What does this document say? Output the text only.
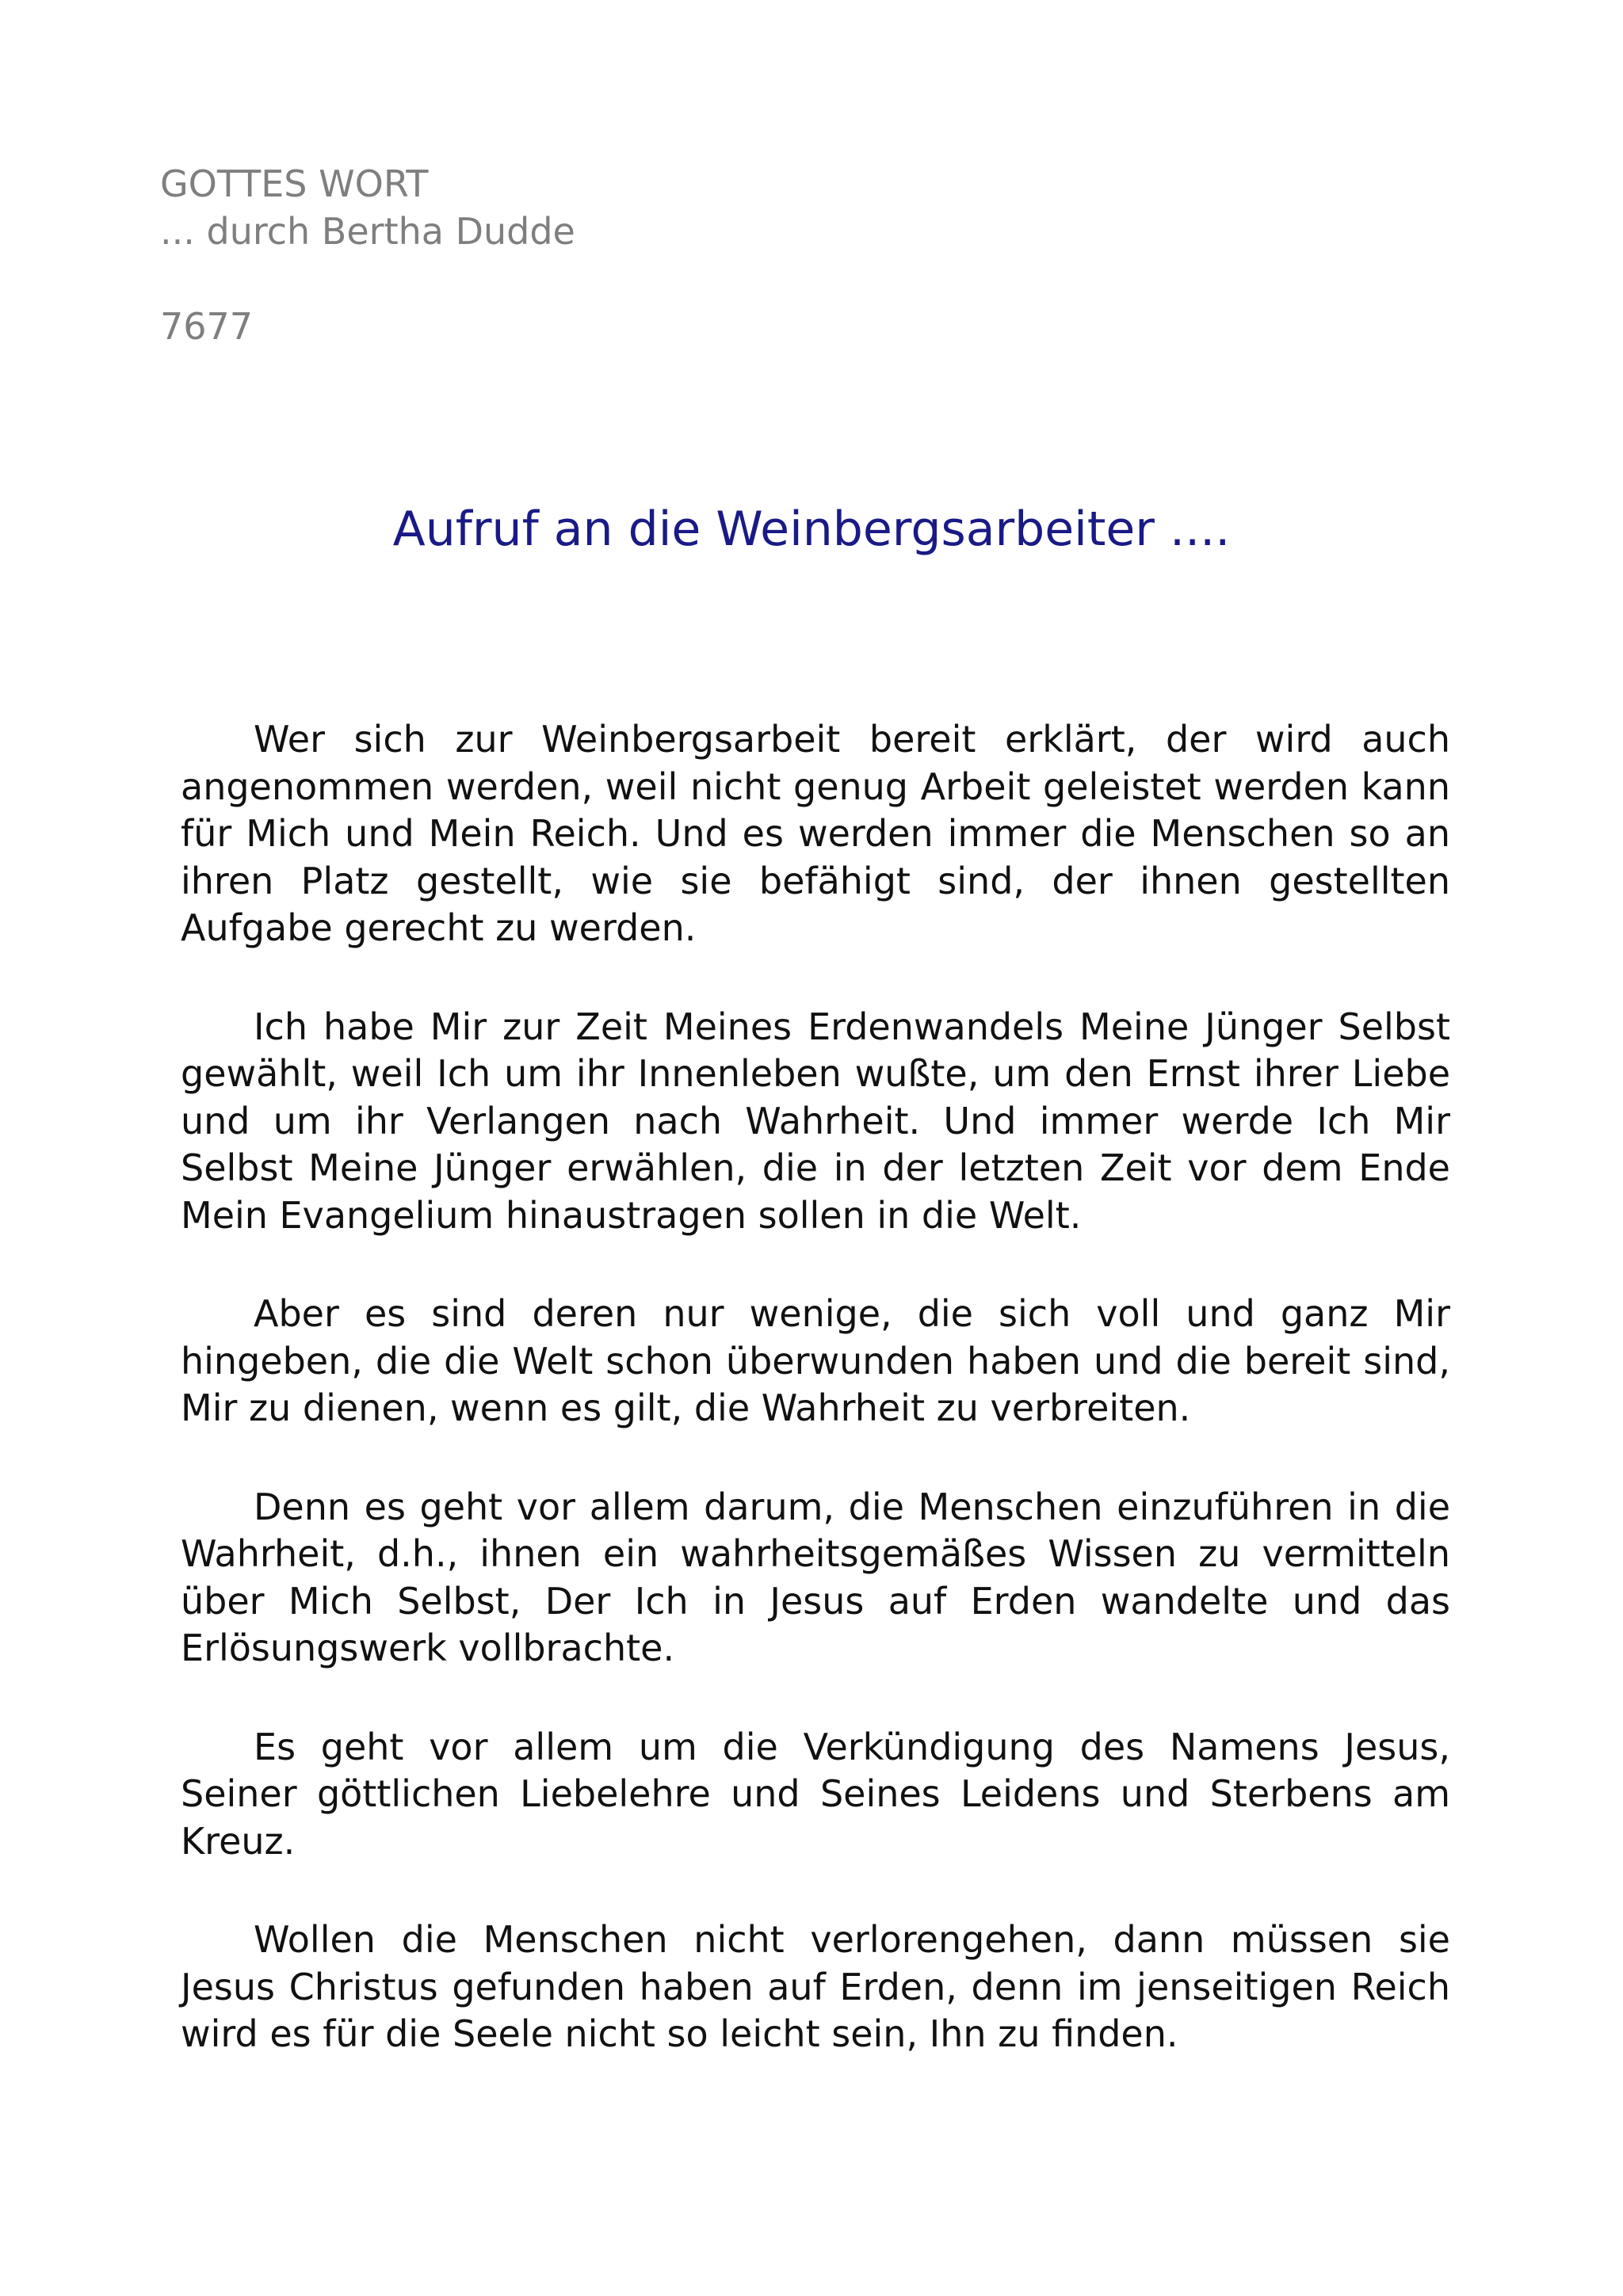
GOTTES WORT
... durch Bertha Dudde
7677
Aufruf an die Weinbergsarbeiter ....

Wer sich zur Weinbergsarbeit bereit erklärt, der wird auch angenommen werden, weil nicht genug Arbeit geleistet werden kann für Mich und Mein Reich. Und es werden immer die Menschen so an ihren Platz gestellt, wie sie befähigt sind, der ihnen gestellten Aufgabe gerecht zu werden.

Ich habe Mir zur Zeit Meines Erdenwandels Meine Jünger Selbst gewählt, weil Ich um ihr Innenleben wußte, um den Ernst ihrer Liebe und um ihr Verlangen nach Wahrheit. Und immer werde Ich Mir Selbst Meine Jünger erwählen, die in der letzten Zeit vor dem Ende Mein Evangelium hinaustragen sollen in die Welt.

Aber es sind deren nur wenige, die sich voll und ganz Mir hingeben, die die Welt schon überwunden haben und die bereit sind, Mir zu dienen, wenn es gilt, die Wahrheit zu verbreiten.

Denn es geht vor allem darum, die Menschen einzuführen in die Wahrheit, d.h., ihnen ein wahrheitsgemäßes Wissen zu vermitteln über Mich Selbst, Der Ich in Jesus auf Erden wandelte und das Erlösungswerk vollbrachte.

Es geht vor allem um die Verkündigung des Namens Jesus, Seiner göttlichen Liebelehre und Seines Leidens und Sterbens am Kreuz.

Wollen die Menschen nicht verlorengehen, dann müssen sie Jesus Christus gefunden haben auf Erden, denn im jenseitigen Reich wird es für die Seele nicht so leicht sein, Ihn zu finden.
